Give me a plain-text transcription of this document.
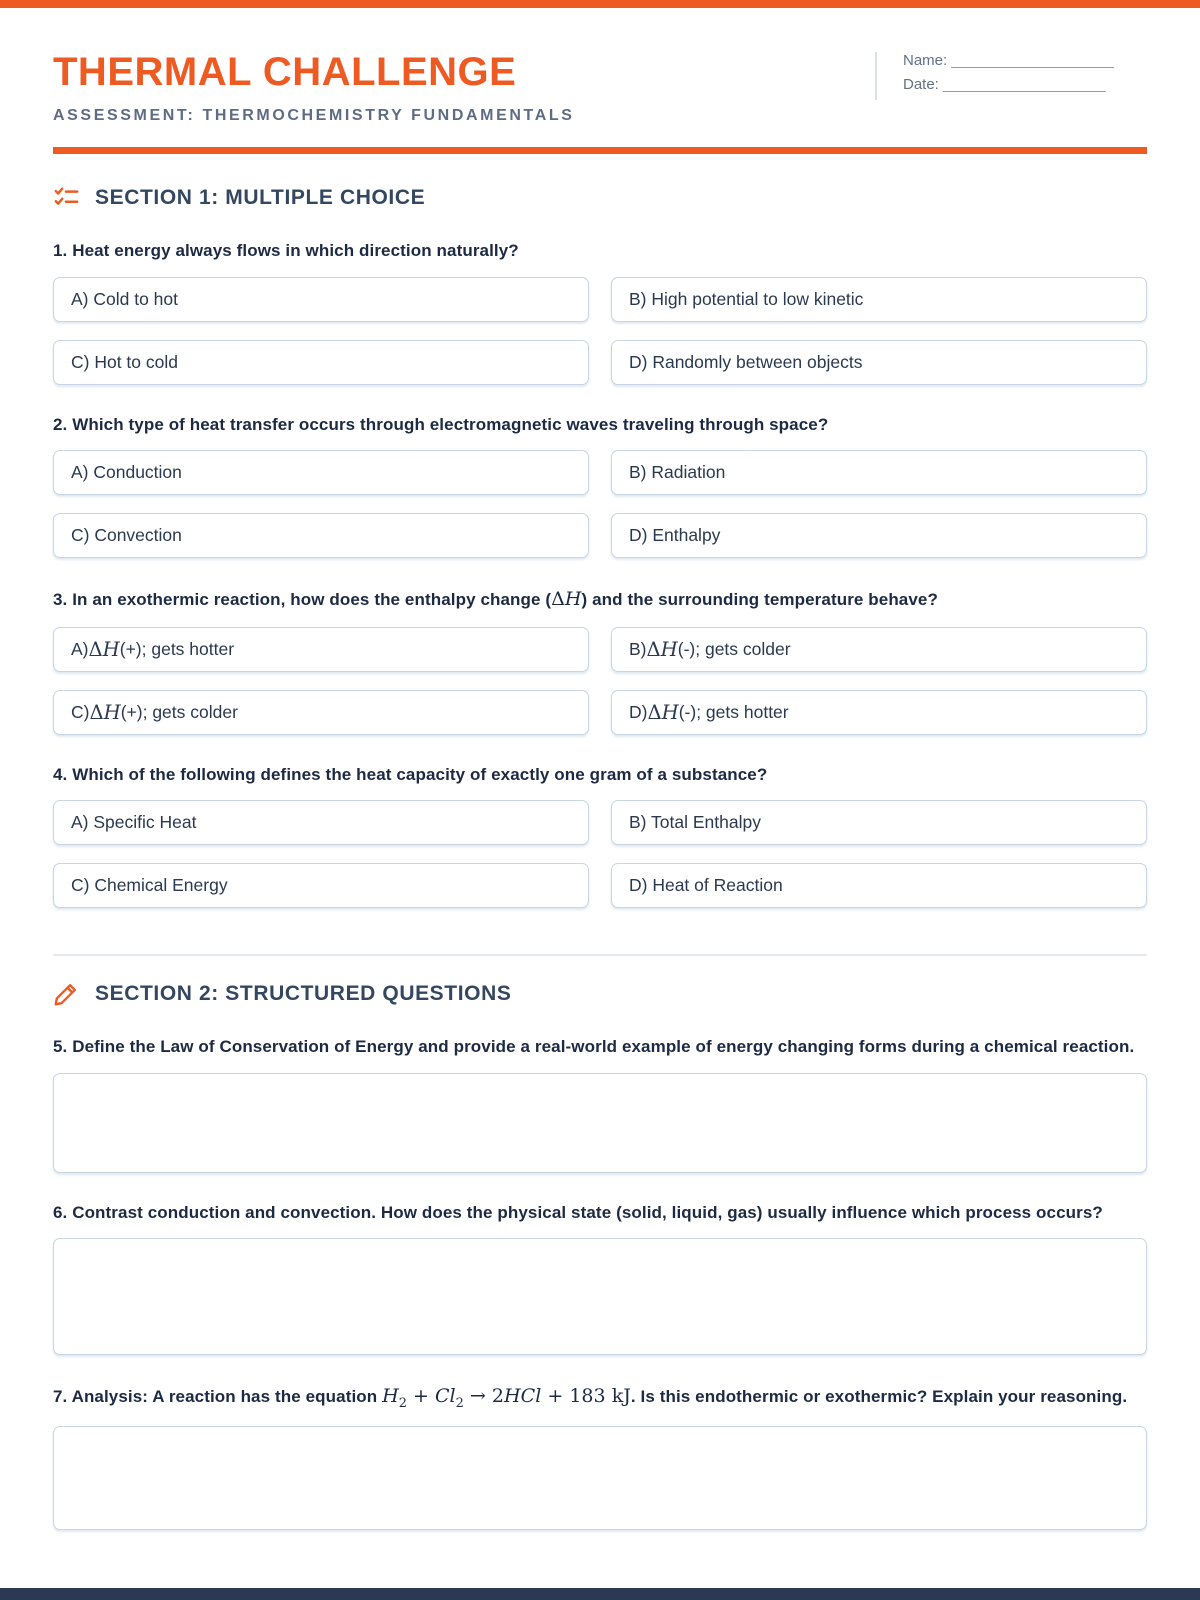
THERMAL CHALLENGE
ASSESSMENT: THERMOCHEMISTRY FUNDAMENTALS
Name: ______________________
Date: ______________________
SECTION 1: MULTIPLE CHOICE
1. Heat energy always flows in which direction naturally?
A) Cold to hot	B) High potential to low kinetic
C) Hot to cold	D) Randomly between objects
2. Which type of heat transfer occurs through electromagnetic waves traveling through space?
A) Conduction	B) Radiation
C) Convection	D) Enthalpy
3. In an exothermic reaction, how does the enthalpy change (ΔH) and the surrounding temperature behave?
A) ΔH (+); gets hotter	B) ΔH (-); gets colder
C) ΔH (+); gets colder	D) ΔH (-); gets hotter
4. Which of the following defines the heat capacity of exactly one gram of a substance?
A) Specific Heat	B) Total Enthalpy
C) Chemical Energy	D) Heat of Reaction
SECTION 2: STRUCTURED QUESTIONS
5. Define the Law of Conservation of Energy and provide a real-world example of energy changing forms during a chemical reaction.
6. Contrast conduction and convection. How does the physical state (solid, liquid, gas) usually influence which process occurs?
7. Analysis: A reaction has the equation $H_2 + Cl_2 \to 2HCl + 183$ kJ. Is this endothermic or exothermic? Explain your reasoning.
